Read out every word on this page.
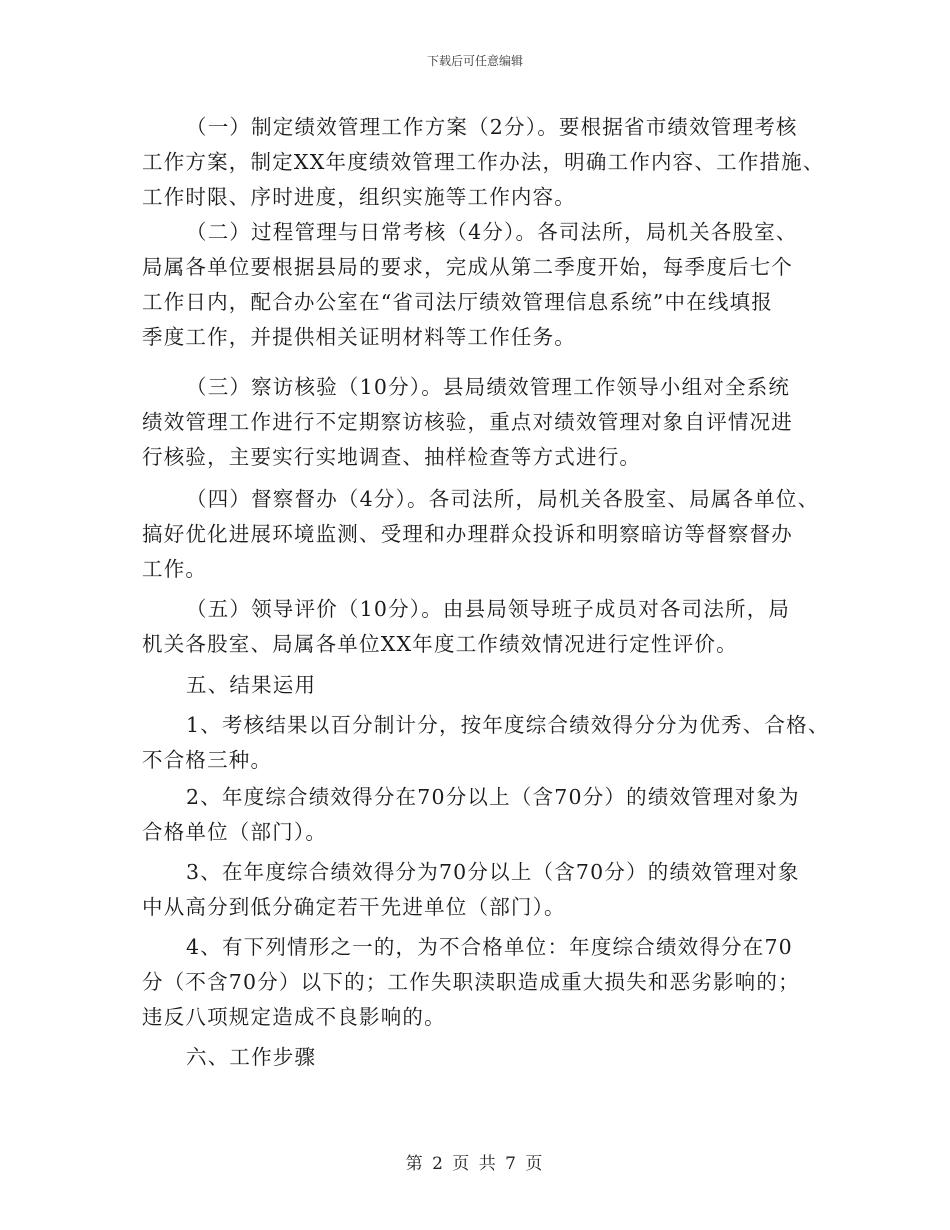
下载后可任意编辑
（一）制定绩效管理工作方案（2分）。要根据省市绩效管理考核
工作方案，制定XX年度绩效管理工作办法，明确工作内容、工作措施、
工作时限、序时进度，组织实施等工作内容。
（二）过程管理与日常考核（4分）。各司法所，局机关各股室、
局属各单位要根据县局的要求，完成从第二季度开始，每季度后七个
工作日内，配合办公室在“省司法厅绩效管理信息系统”中在线填报
季度工作，并提供相关证明材料等工作任务。
（三）察访核验（10分）。县局绩效管理工作领导小组对全系统
绩效管理工作进行不定期察访核验，重点对绩效管理对象自评情况进
行核验，主要实行实地调查、抽样检查等方式进行。
（四）督察督办（4分）。各司法所，局机关各股室、局属各单位、
搞好优化进展环境监测、受理和办理群众投诉和明察暗访等督察督办
工作。
（五）领导评价（10分）。由县局领导班子成员对各司法所，局
机关各股室、局属各单位XX年度工作绩效情况进行定性评价。
五、结果运用
1、考核结果以百分制计分，按年度综合绩效得分分为优秀、合格、
不合格三种。
2、年度综合绩效得分在70分以上（含70分）的绩效管理对象为
合格单位（部门）。
3、在年度综合绩效得分为70分以上（含70分）的绩效管理对象
中从高分到低分确定若干先进单位（部门）。
4、有下列情形之一的，为不合格单位：年度综合绩效得分在70
分（不含70分）以下的；工作失职渎职造成重大损失和恶劣影响的；
违反八项规定造成不良影响的。
六、工作步骤
第 2 页 共 7 页
